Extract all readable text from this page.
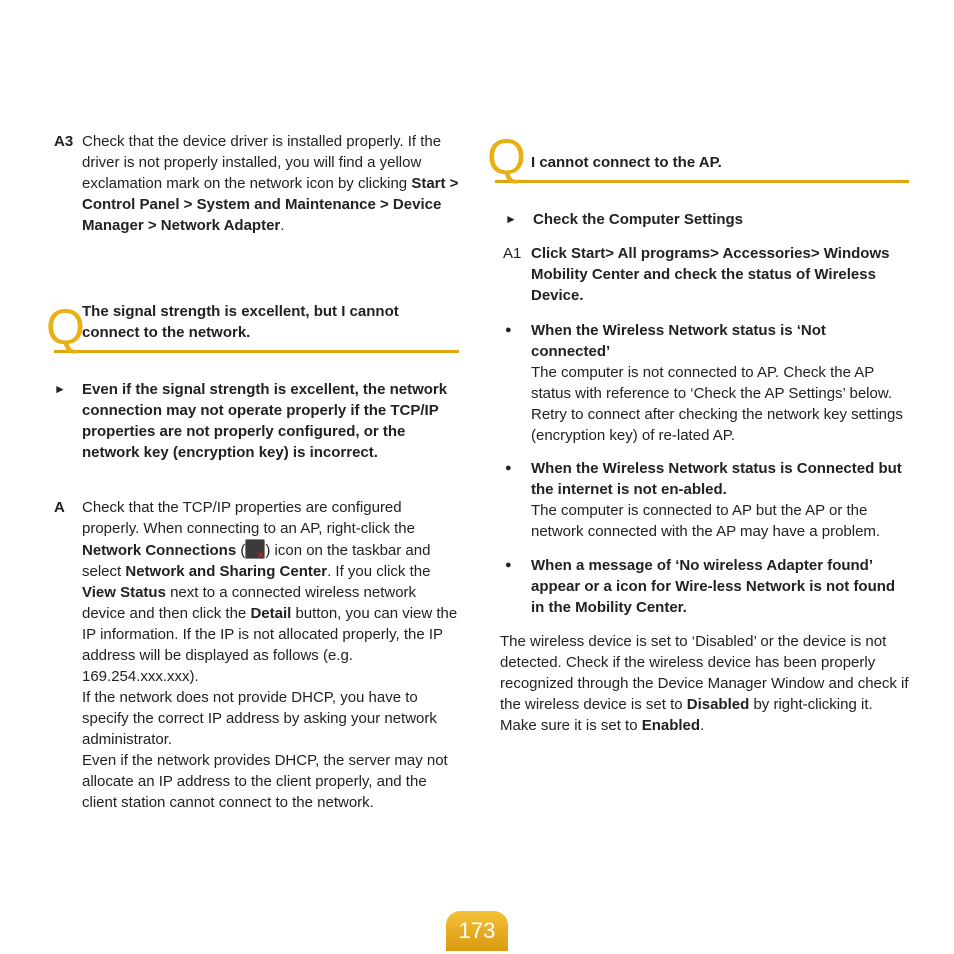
A3 Check that the device driver is installed properly. If the driver is not properly installed, you will find a yellow exclamation mark on the network icon by clicking Start > Control Panel > System and Maintenance > Device Manager > Network Adapter.
Q
The signal strength is excellent, but I cannot connect to the network.
► Even if the signal strength is excellent, the network connection may not operate properly if the TCP/IP properties are not properly configured, or the network key (encryption key) is incorrect.
A Check that the TCP/IP properties are configured properly. When connecting to an AP, right-click the Network Connections (✕ ) icon on the taskbar and select Network and Sharing Center. If you click the View Status next to a connected wireless network device and then click the Detail button, you can view the IP information. If the IP is not allocated properly, the IP address will be displayed as follows (e.g. 169.254.xxx.xxx).
If the network does not provide DHCP, you have to specify the correct IP address by asking your network administrator.
Even if the network provides DHCP, the server may not allocate an IP address to the client properly, and the client station cannot connect to the network.
Q I cannot connect to the AP.
► Check the Computer Settings
A1 Click Start> All programs> Accessories> Windows Mobility Center and check the status of Wireless Device.
● When the Wireless Network status is ‘Not connected’
The computer is not connected to AP. Check the AP status with reference to ‘Check the AP Settings’ below. Retry to connect after checking the network key settings (encryption key) of re-lated AP.
● When the Wireless Network status is Connected but the internet is not en-abled.
The computer is connected to AP but the AP or the network connected with the AP may have a problem.
● When a message of ‘No wireless Adapter found’ appear or a icon for Wire-less Network is not found in the Mobility Center.
The wireless device is set to ‘Disabled’ or the device is not detected. Check if the wireless device has been properly recognized through the Device Manager Window and check if the wireless device is set to Disabled by right-clicking it. Make sure it is set to Enabled.
173
